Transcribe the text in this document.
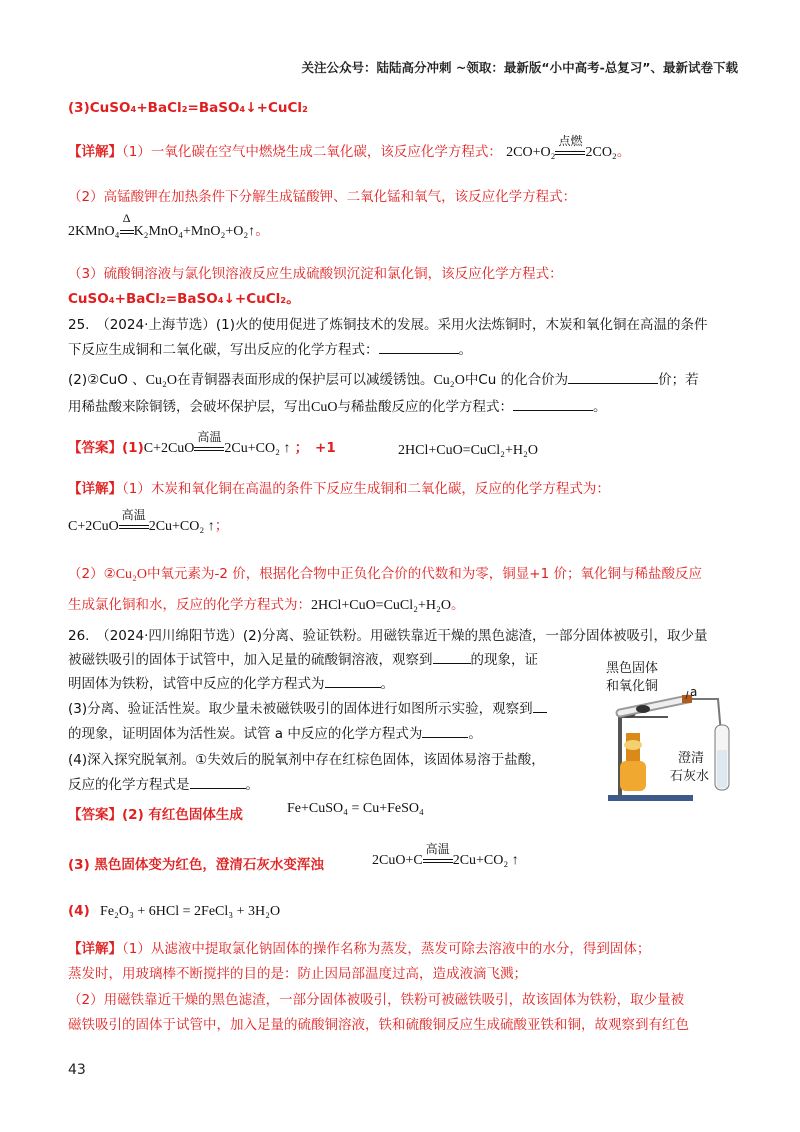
关注公众号：陆陆高分冲刺 ~领取：最新版“小中高考-总复习”、最新试卷下载
(3)CuSO₄+BaCl₂=BaSO₄↓+CuCl₂
【详解】（1）一氧化碳在空气中燃烧生成二氧化碳，该反应化学方程式： 2CO+O₂
点燃
2CO₂。
（2）高锰酸钾在加热条件下分解生成锰酸钾、二氧化锰和氧气，该反应化学方程式：
2KMnO₄
Δ
K₂MnO₄+MnO₂+O₂↑。
（3）硫酸铜溶液与氯化钡溶液反应生成硫酸钡沉淀和氯化铜，该反应化学方程式：
CuSO₄+BaCl₂=BaSO₄↓+CuCl₂。
25.　（2024·上海节选）(1)火的使用促进了炼铜技术的发展。采用火法炼铜时，木炭和氧化铜在高温的条件
下反应生成铜和二氧化碳，写出反应的化学方程式：	。
(2)②CuO 、Cu₂O在青铜器表面形成的保护层可以减缓锈蚀。Cu₂O中Cu 的化合价为	价；若
用稀盐酸来除铜锈，会破坏保护层，写出CuO与稀盐酸反应的化学方程式：	。
【答案】(1)C+2CuO
高温
2Cu+CO₂ ↑ ；　+1	2HCl+CuO=CuCl₂+H₂O
【详解】（1）木炭和氧化铜在高温的条件下反应生成铜和二氧化碳，反应的化学方程式为：
C+2CuO
高温
2Cu+CO₂ ↑；
（2）②Cu₂O中氧元素为-2 价，根据化合物中正负化合价的代数和为零，铜显+1 价；氧化铜与稀盐酸反应
生成氯化铜和水，反应的化学方程式为：2HCl+CuO=CuCl₂+H₂O。
26.　（2024·四川绵阳节选）(2)分离、验证铁粉。用磁铁靠近干燥的黑色滤渣，一部分固体被吸引，取少量
被磁铁吸引的固体于试管中，加入足量的硫酸铜溶液，观察到	的现象，证
明固体为铁粉，试管中反应的化学方程式为	。
(3)分离、验证活性炭。取少量未被磁铁吸引的固体进行如图所示实验，观察到
的现象，证明固体为活性炭。试管 a 中反应的化学方程式为	。
(4)深入探究脱氧剂。①失效后的脱氧剂中存在红棕色固体，该固体易溶于盐酸，
反应的化学方程式是	。
黑色固体
和氧化铜	a
澄清
石灰水
【答案】(2) 有红色固体生成	Fe+CuSO₄ = Cu+FeSO₄
(3) 黑色固体变为红色，澄清石灰水变浑浊	2CuO+C
高温
2Cu+CO₂ ↑
(4) Fe₂O₃ + 6HCl = 2FeCl₃ + 3H₂O
【详解】（1）从滤液中提取氯化钠固体的操作名称为蒸发，蒸发可除去溶液中的水分，得到固体；
蒸发时，用玻璃棒不断搅拌的目的是：防止因局部温度过高，造成液滴飞溅；
（2）用磁铁靠近干燥的黑色滤渣，一部分固体被吸引，铁粉可被磁铁吸引，故该固体为铁粉，取少量被
磁铁吸引的固体于试管中，加入足量的硫酸铜溶液，铁和硫酸铜反应生成硫酸亚铁和铜，故观察到有红色
43
